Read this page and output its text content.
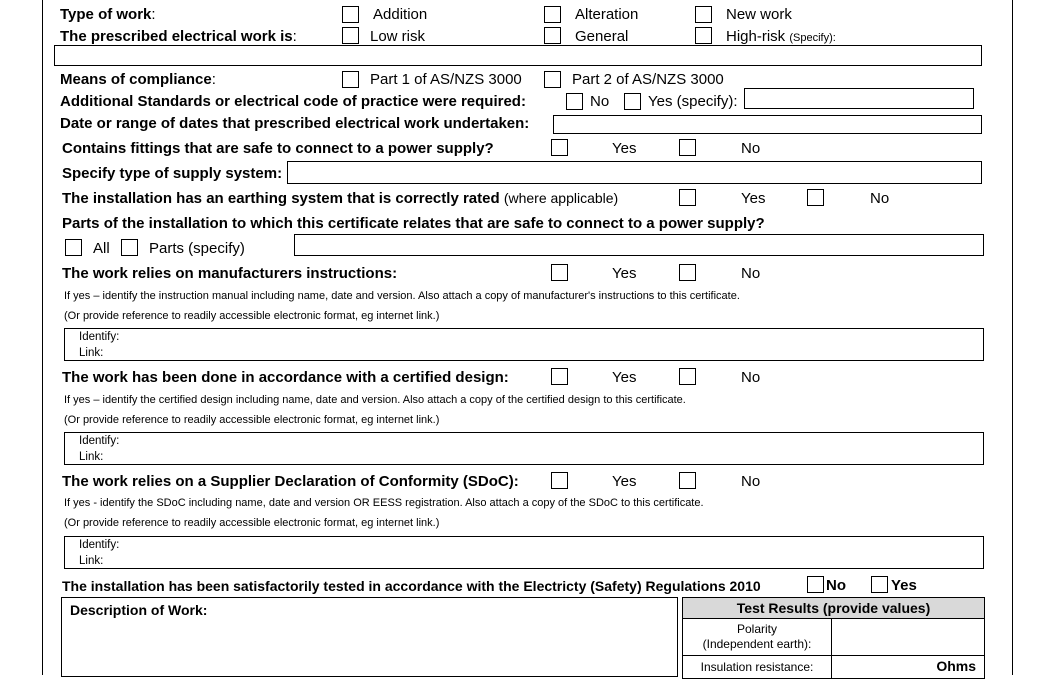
Type of work:	Addition	Alteration	New work
The prescribed electrical work is:	Low risk	General	High-risk (Specify):
Means of compliance:	Part 1 of AS/NZS 3000	Part 2 of AS/NZS 3000
Additional Standards or electrical code of practice were required:	No	Yes (specify):
Date or range of dates that prescribed electrical work undertaken:
Contains fittings that are safe to connect to a power supply?	Yes	No
Specify type of supply system:
The installation has an earthing system that is correctly rated (where applicable)	Yes	No
Parts of the installation to which this certificate relates that are safe to connect to a power supply?
All	Parts (specify)
The work relies on manufacturers instructions:	Yes	No
If yes – identify the instruction manual including name, date and version. Also attach a copy of manufacturer's instructions to this certificate.
(Or provide reference to readily accessible electronic format, eg internet link.)
Identify:
Link:
The work has been done in accordance with a certified design:	Yes	No
If yes – identify the certified design including name, date and version. Also attach a copy of the certified design to this certificate.
(Or provide reference to readily accessible electronic format, eg internet link.)
Identify:
Link:
The work relies on a Supplier Declaration of Conformity (SDoC):	Yes	No
If yes - identify the SDoC including name, date and version OR EESS registration. Also attach a copy of the SDoC to this certificate.
(Or provide reference to readily accessible electronic format, eg internet link.)
Identify:
Link:
The installation has been satisfactorily tested in accordance with the Electricty (Safety) Regulations 2010	No	Yes
Description of Work:	Test Results (provide values)
Polarity
(Independent earth):
Insulation resistance:	Ohms
